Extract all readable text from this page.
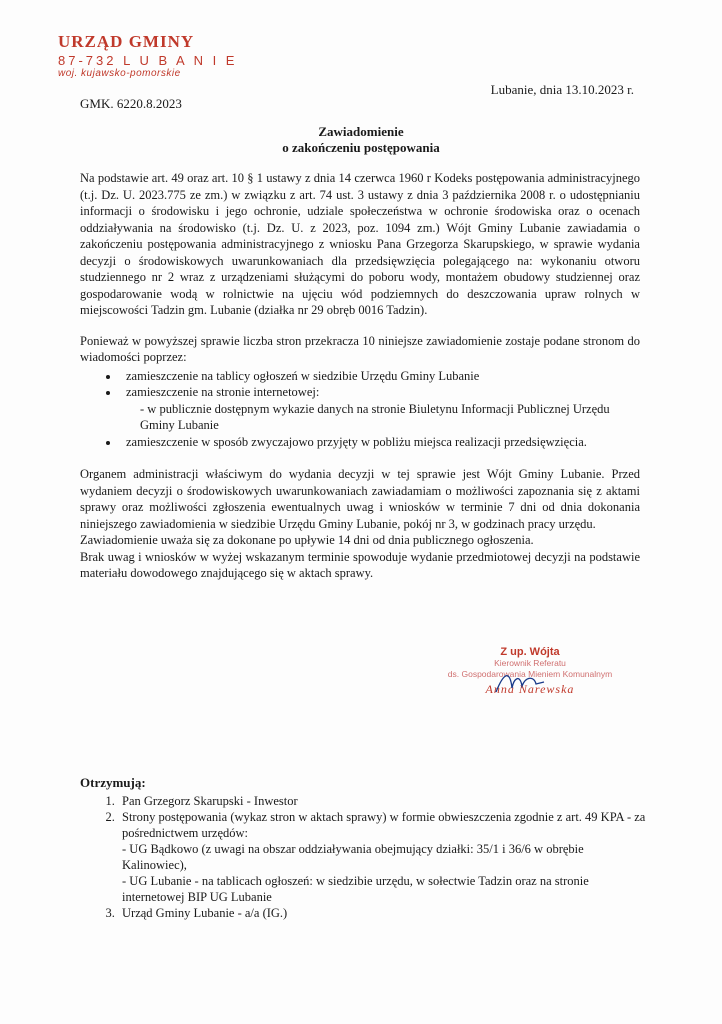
URZĄD GMINY
87-732 L U B A N I E
woj. kujawsko-pomorskie
Lubanie, dnia 13.10.2023 r.
GMK. 6220.8.2023
Zawiadomienie
o zakończeniu postępowania

Na podstawie art. 49 oraz art. 10 § 1 ustawy z dnia 14 czerwca 1960 r Kodeks postępowania administracyjnego (t.j. Dz. U. 2023.775 ze zm.) w związku z art. 74 ust. 3 ustawy z dnia 3 października 2008 r. o udostępnianiu informacji o środowisku i jego ochronie, udziale społeczeństwa w ochronie środowiska oraz o ocenach oddziaływania na środowisko (t.j. Dz. U. z 2023, poz. 1094 zm.) Wójt Gminy Lubanie zawiadamia o zakończeniu postępowania administracyjnego z wniosku Pana Grzegorza Skarupskiego, w sprawie wydania decyzji o środowiskowych uwarunkowaniach dla przedsięwzięcia polegającego na: wykonaniu otworu studziennego nr 2 wraz z urządzeniami służącymi do poboru wody, montażem obudowy studziennej oraz gospodarowanie wodą w rolnictwie na ujęciu wód podziemnych do deszczowania upraw rolnych w miejscowości Tadzin gm. Lubanie (działka nr 29 obręb 0016 Tadzin).

Ponieważ w powyższej sprawie liczba stron przekracza 10 niniejsze zawiadomienie zostaje podane stronom do wiadomości poprzez:

• zamieszczenie na tablicy ogłoszeń w siedzibie Urzędu Gminy Lubanie
• zamieszczenie na stronie internetowej:
- w publicznie dostępnym wykazie danych na stronie Biuletynu Informacji Publicznej Urzędu Gminy Lubanie
• zamieszczenie w sposób zwyczajowo przyjęty w pobliżu miejsca realizacji przedsięwzięcia.
Organem administracji właściwym do wydania decyzji w tej sprawie jest Wójt Gminy Lubanie. Przed wydaniem decyzji o środowiskowych uwarunkowaniach zawiadamiam o możliwości zapoznania się z aktami sprawy oraz możliwości zgłoszenia ewentualnych uwag i wniosków w terminie 7 dni od dnia dokonania niniejszego zawiadomienia w siedzibie Urzędu Gminy Lubanie, pokój nr 3, w godzinach pracy urzędu.
Zawiadomienie uważa się za dokonane po upływie 14 dni od dnia publicznego ogłoszenia.
Brak uwag i wniosków w wyżej wskazanym terminie spowoduje wydanie przedmiotowej decyzji na podstawie materiału dowodowego znajdującego się w aktach sprawy.
Z up. Wójta
Kierownik Referatu
ds. Gospodarowania Mieniem Komunalnym
Anna Narewska
Otrzymują:
1. Pan Grzegorz Skarupski - Inwestor
2. Strony postępowania (wykaz stron w aktach sprawy) w formie obwieszczenia zgodnie z art. 49 KPA - za pośrednictwem urzędów:
- UG Bądkowo (z uwagi na obszar oddziaływania obejmujący działki: 35/1 i 36/6 w obrębie Kalinowiec),
- UG Lubanie - na tablicach ogłoszeń: w siedzibie urzędu, w sołectwie Tadzin oraz na stronie internetowej BIP UG Lubanie
3. Urząd Gminy Lubanie - a/a (IG.)
